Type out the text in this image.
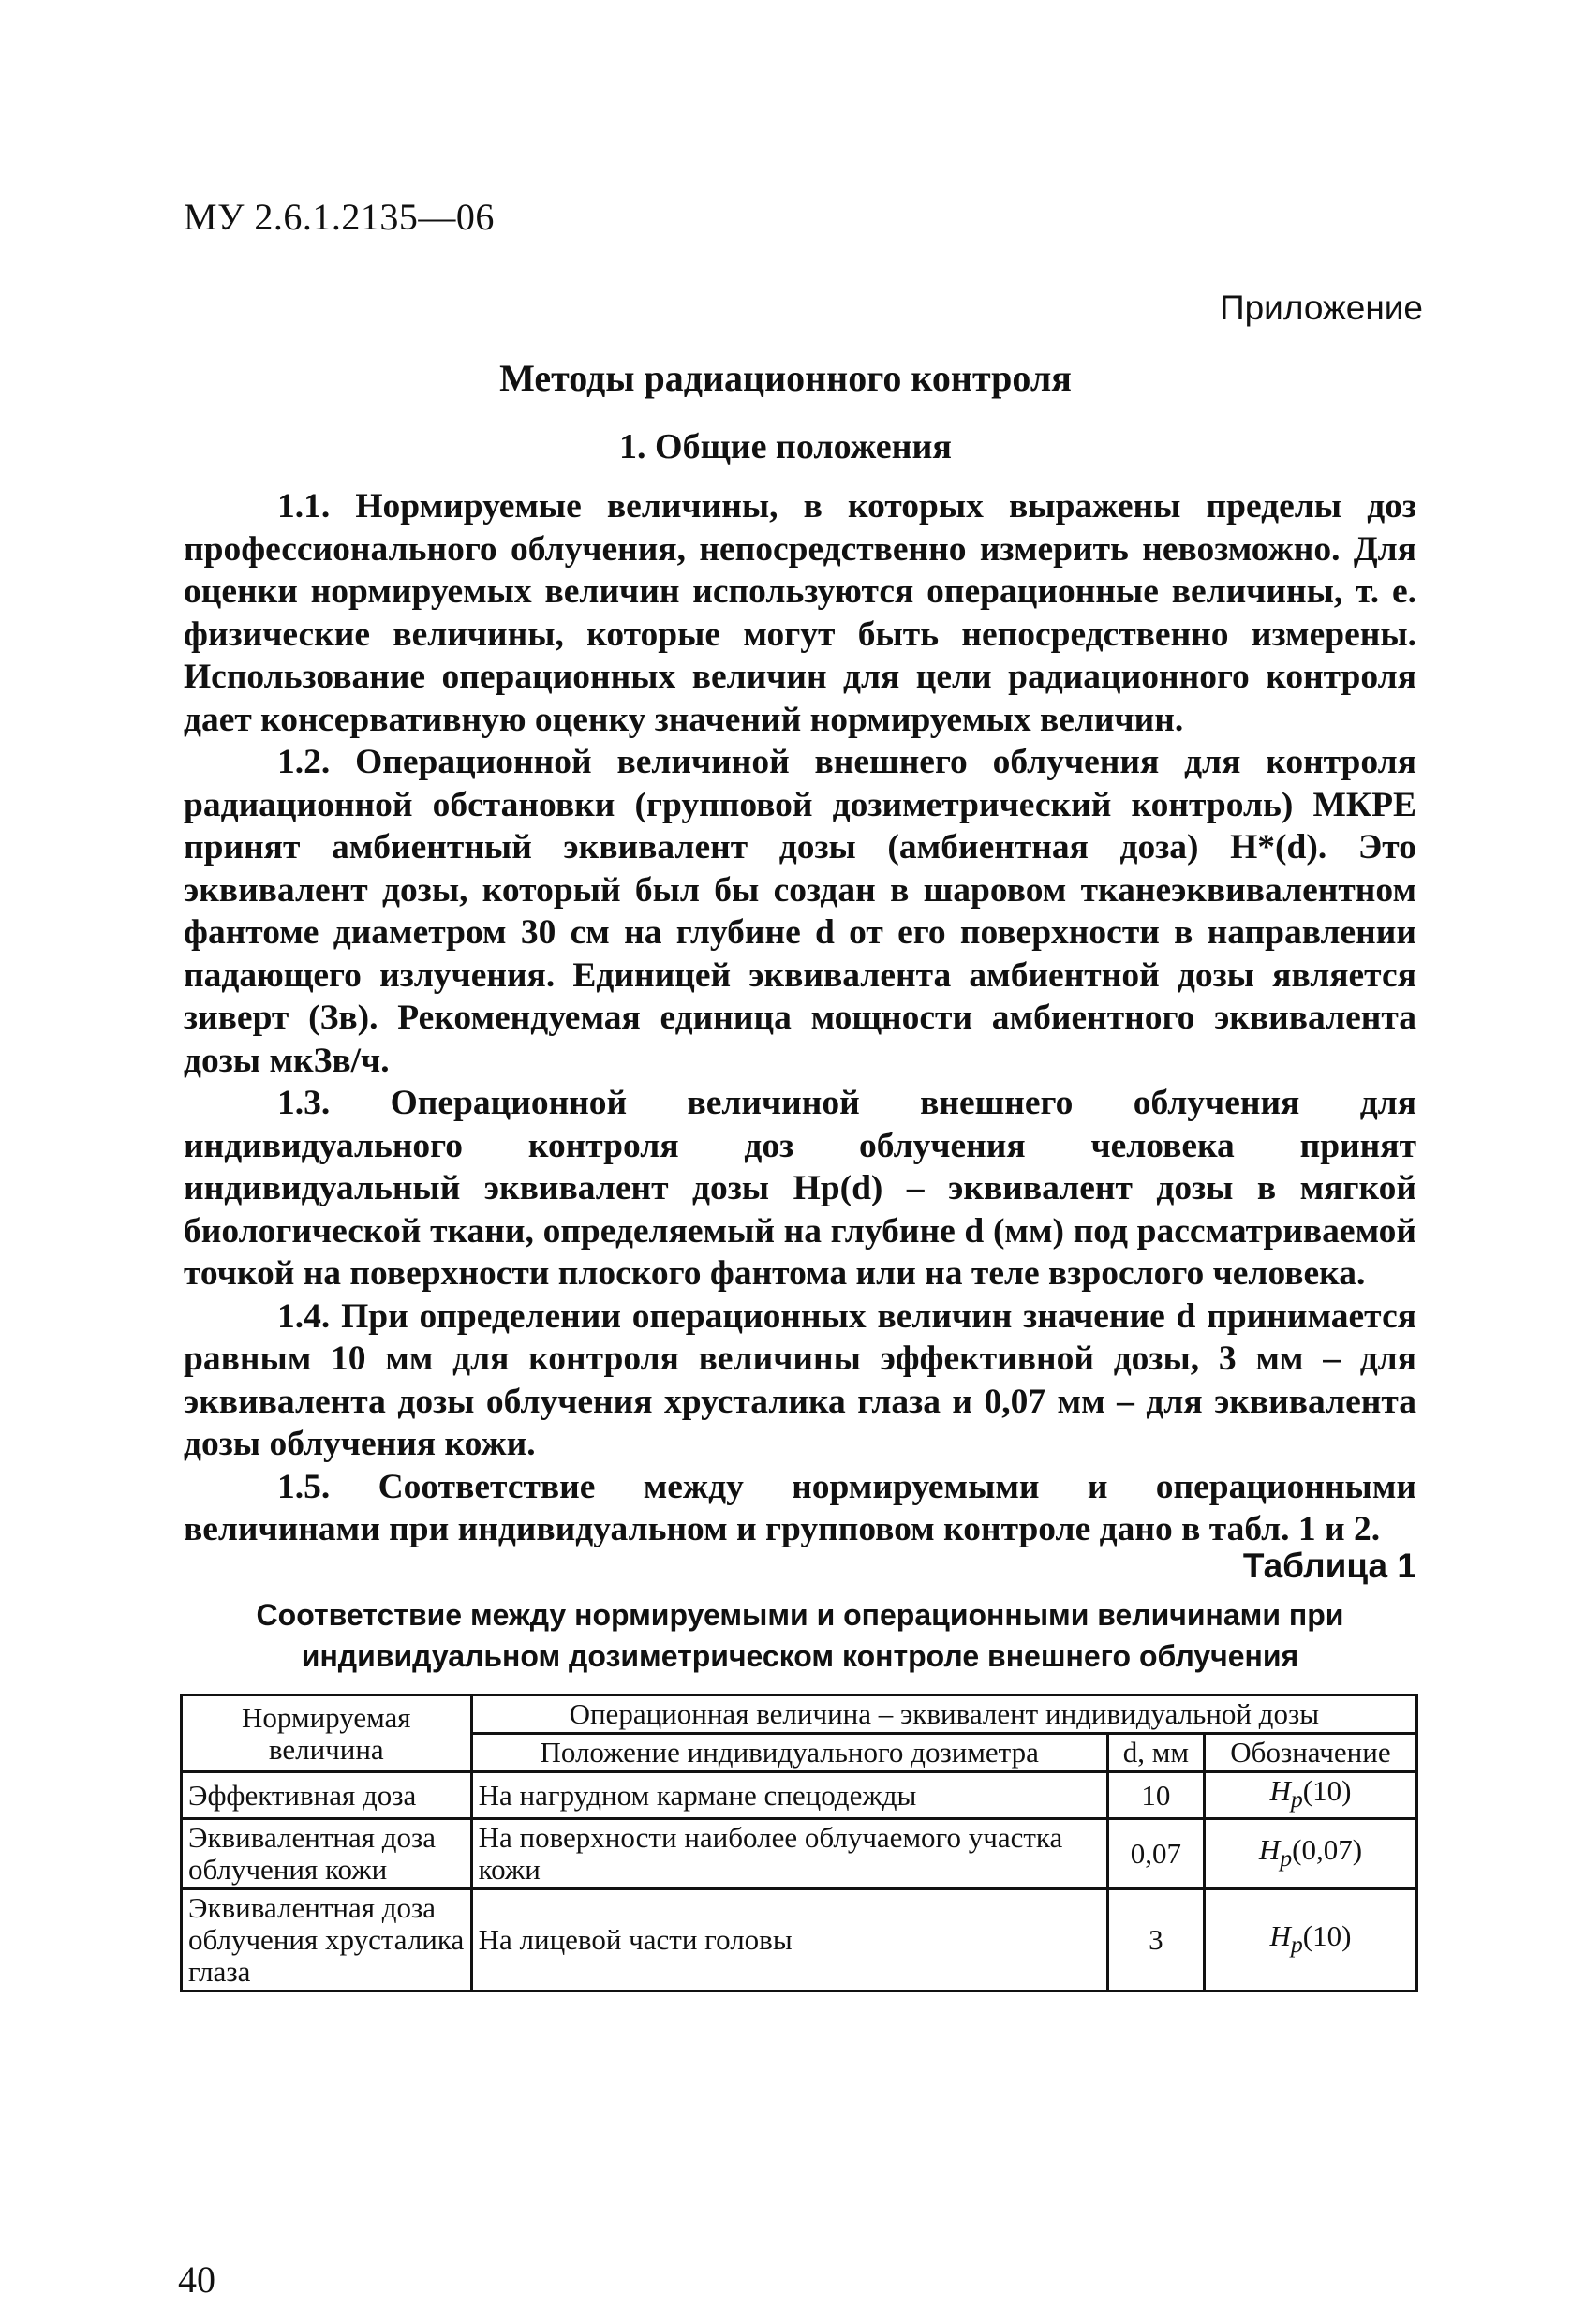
МУ 2.6.1.2135—06
Приложение
Методы радиационного контроля
1. Общие положения

1.1. Нормируемые величины, в которых выражены пределы доз профессионального облучения, непосредственно измерить невозможно. Для оценки нормируемых величин используются операционные величины, т. е. физические величины, которые могут быть непосредственно измерены. Использование операционных величин для цели радиационного контроля дает консервативную оценку значений нормируемых величин.

1.2. Операционной величиной внешнего облучения для контроля радиационной обстановки (групповой дозиметрический контроль) МКРЕ принят амбиентный эквивалент дозы (амбиентная доза) H*(d). Это эквивалент дозы, который был бы создан в шаровом тканеэквивалентном фантоме диаметром 30 см на глубине d от его поверхности в направлении падающего излучения. Единицей эквивалента амбиентной дозы является зиверт (Зв). Рекомендуемая единица мощности амбиентного эквивалента дозы мкЗв/ч.

1.3. Операционной величиной внешнего облучения для индивидуального контроля доз облучения человека принят индивидуальный эквивалент дозы Hp(d) – эквивалент дозы в мягкой биологической ткани, определяемый на глубине d (мм) под рассматриваемой точкой на поверхности плоского фантома или на теле взрослого человека.

1.4. При определении операционных величин значение d принимается равным 10 мм для контроля величины эффективной дозы, 3 мм – для эквивалента дозы облучения хрусталика глаза и 0,07 мм – для эквивалента дозы облучения кожи.

1.5. Соответствие между нормируемыми и операционными величинами при индивидуальном и групповом контроле дано в табл. 1 и 2.

Таблица 1
Соответствие между нормируемыми и операционными величинами при
индивидуальном дозиметрическом контроле внешнего облучения
Нормируемая величина	Операционная величина – эквивалент индивидуальной дозы		
	Положение индивидуального дозиметра	d, мм	Обозначение
Эффективная доза	На нагрудном кармане спецодежды	10	$H_p(10)$
Эквивалентная доза облучения кожи	На поверхности наиболее облучаемого участка кожи	0,07	$H_p(0,07)$
Эквивалентная доза облучения хрусталика глаза	На лицевой части головы	3	$H_p(10)$
40
